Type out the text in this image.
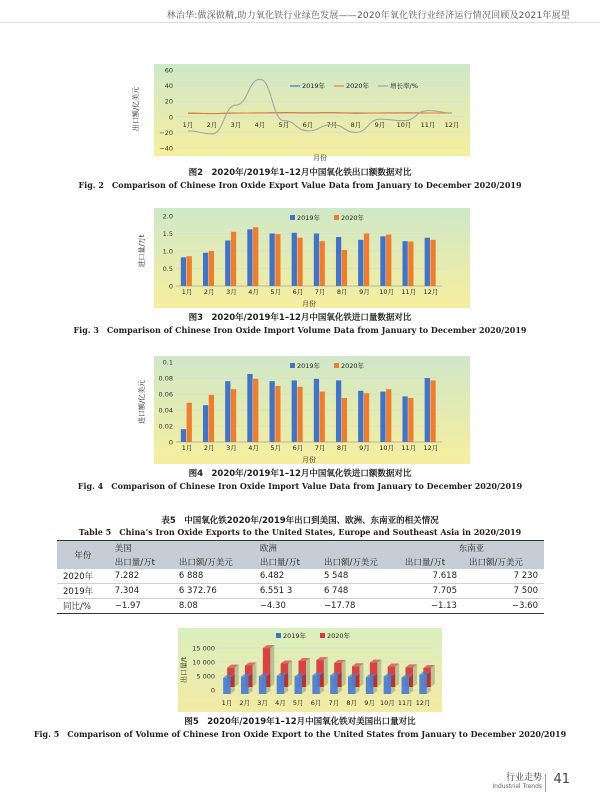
林治华:做深做精,助力氧化铁行业绿色发展——2020年氧化铁行业经济运行情况回顾及2021年展望
60
40
20
0
−20
−40
1月 2月 3月 4月 5月 6月 7月 8月 9月 10月 11月 12月
月份
出口额/亿美元
2019年	2020年	增长率/%
图2　2020年/2019年1–12月中国氧化铁出口额数据对比
Fig. 2　Comparison of Chinese Iron Oxide Export Value Data from January to December 2020/2019
2.0
1.5
1.0
0.5
0
1月 2月 3月 4月 5月 6月 7月 8月 9月 10月 11月 12月
月份
进口量/万t
2019年	2020年
图3　2020年/2019年1–12月中国氧化铁进口量数据对比
Fig. 3　Comparison of Chinese Iron Oxide Import Volume Data from January to December 2020/2019
0.1
0.08
0.06
0.04
0.02
0
1月 2月 3月 4月 5月 6月 7月 8月 9月 10月 11月 12月
月份
进口额/亿美元
2019年	2020年
图4　2020年/2019年1–12月中国氧化铁进口额数据对比
Fig. 4　Comparison of Chinese Iron Oxide Import Value Data from January to December 2020/2019
表5　中国氧化铁2020年/2019年出口到美国、欧洲、东南亚的相关情况
Table 5　China’s Iron Oxide Exports to the United States, Europe and Southeast Asia in 2020/2019
年份	美国		欧洲		东南亚	
	出口量/万t	出口额/万美元	出口量/万t	出口额/万美元	出口量/万t	出口额/万美元
2020年	7.282	6 888	6.482	5 548	7.618	7 230
2019年	7.304	6 372.76	6.551 3	6 748	7.705	7 500
同比/%	−1.97	8.08	−4.30	−17.78	−1.13	−3.60
15 000
10 000
5 000
0
1月 2月 3月 4月 5月 6月 7月 8月 9月 10月 11月 12月
出口量/t
2019年	2020年
图5　2020年/2019年1–12月中国氧化铁对美国出口量对比
Fig. 5　Comparison of Volume of Chinese Iron Oxide Export to the United States from January to December 2020/2019
行业走势
Industrial Trends 41
